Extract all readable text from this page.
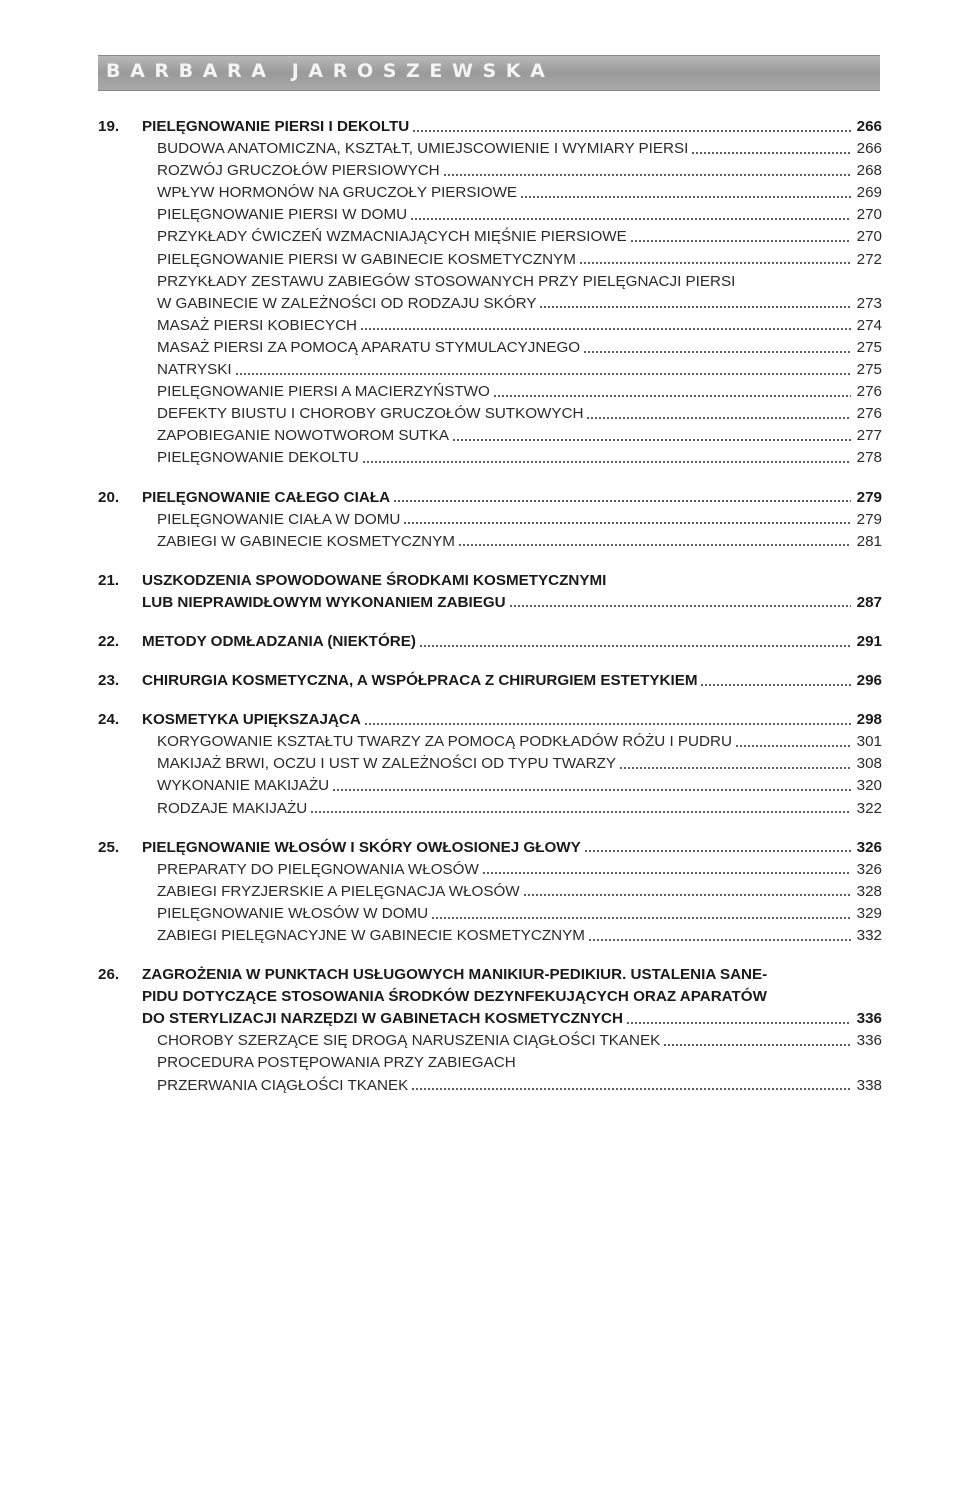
BARBARA JAROSZEWSKA
19.	PIELĘGNOWANIE PIERSI I DEKOLTU	266
BUDOWA ANATOMICZNA, KSZTAŁT, UMIEJSCOWIENIE I WYMIARY PIERSI	266
ROZWÓJ GRUCZOŁÓW PIERSIOWYCH	268
WPŁYW HORMONÓW NA GRUCZOŁY PIERSIOWE	269
PIELĘGNOWANIE PIERSI W DOMU	270
PRZYKŁADY ĆWICZEŃ WZMACNIAJĄCYCH MIĘŚNIE PIERSIOWE	270
PIELĘGNOWANIE PIERSI W GABINECIE KOSMETYCZNYM	272
PRZYKŁADY ZESTAWU ZABIEGÓW STOSOWANYCH PRZY PIELĘGNACJI PIERSI
W GABINECIE W ZALEŻNOŚCI OD RODZAJU SKÓRY	273
MASAŻ PIERSI KOBIECYCH	274
MASAŻ PIERSI ZA POMOCĄ APARATU STYMULACYJNEGO	275
NATRYSKI	275
PIELĘGNOWANIE PIERSI A MACIERZYŃSTWO	276
DEFEKTY BIUSTU I CHOROBY GRUCZOŁÓW SUTKOWYCH	276
ZAPOBIEGANIE NOWOTWOROM SUTKA	277
PIELĘGNOWANIE DEKOLTU	278
20.	PIELĘGNOWANIE CAŁEGO CIAŁA	279
PIELĘGNOWANIE CIAŁA W DOMU	279
ZABIEGI W GABINECIE KOSMETYCZNYM	281
21.	USZKODZENIA SPOWODOWANE ŚRODKAMI KOSMETYCZNYMI
LUB NIEPRAWIDŁOWYM WYKONANIEM ZABIEGU	287
22.	METODY ODMŁADZANIA (NIEKTÓRE)	291
23.	CHIRURGIA KOSMETYCZNA, A WSPÓŁPRACA Z CHIRURGIEM ESTETYKIEM	296
24.	KOSMETYKA UPIĘKSZAJĄCA	298
KORYGOWANIE KSZTAŁTU TWARZY ZA POMOCĄ PODKŁADÓW RÓŻU I PUDRU	301
MAKIJAŻ BRWI, OCZU I UST W ZALEŻNOŚCI OD TYPU TWARZY	308
WYKONANIE MAKIJAŻU	320
RODZAJE MAKIJAŻU	322
25.	PIELĘGNOWANIE WŁOSÓW I SKÓRY OWŁOSIONEJ GŁOWY	326
PREPARATY DO PIELĘGNOWANIA WŁOSÓW	326
ZABIEGI FRYZJERSKIE A PIELĘGNACJA WŁOSÓW	328
PIELĘGNOWANIE WŁOSÓW W DOMU	329
ZABIEGI PIELĘGNACYJNE W GABINECIE KOSMETYCZNYM	332
26.	ZAGROŻENIA W PUNKTACH USŁUGOWYCH MANIKIUR-PEDIKIUR. USTALENIA SANE-
PIDU DOTYCZĄCE STOSOWANIA ŚRODKÓW DEZYNFEKUJĄCYCH ORAZ APARATÓW
DO STERYLIZACJI NARZĘDZI W GABINETACH KOSMETYCZNYCH	336
CHOROBY SZERZĄCE SIĘ DROGĄ NARUSZENIA CIĄGŁOŚCI TKANEK	336
PROCEDURA POSTĘPOWANIA PRZY ZABIEGACH
PRZERWANIA CIĄGŁOŚCI TKANEK	338
